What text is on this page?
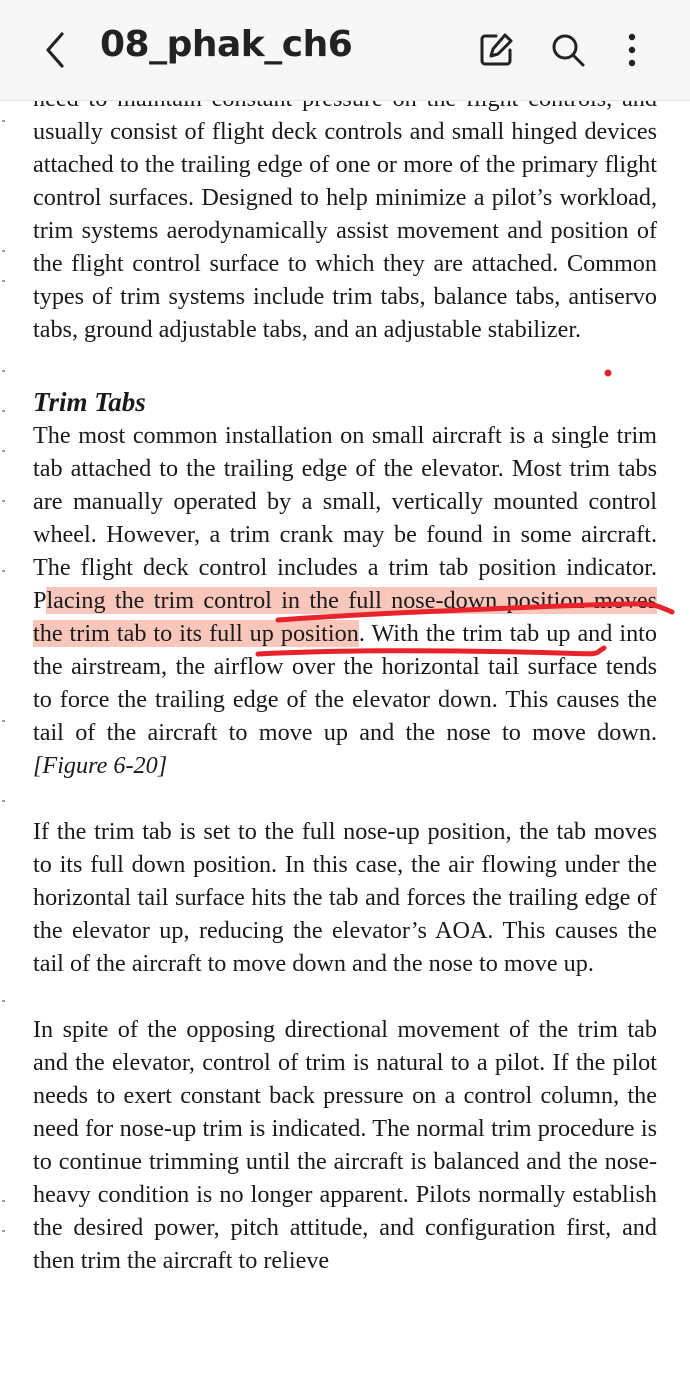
08_phak_ch6

usually consist of flight deck controls and small hinged devices attached to the trailing edge of one or more of the primary flight control surfaces. Designed to help minimize a pilot’s workload, trim systems aerodynamically assist movement and position of the flight control surface to which they are attached. Common types of trim systems include trim tabs, balance tabs, antiservo tabs, ground adjustable tabs, and an adjustable stabilizer.

Trim Tabs

The most common installation on small aircraft is a single trim tab attached to the trailing edge of the elevator. Most trim tabs are manually operated by a small, vertically mounted control wheel. However, a trim crank may be found in some aircraft. The flight deck control includes a trim tab position indicator. Placing the trim control in the full nose-down position moves the trim tab to its full up position. With the trim tab up and into the airstream, the airflow over the horizontal tail surface tends to force the trailing edge of the elevator down. This causes the tail of the aircraft to move up and the nose to move down. [Figure 6-20]

If the trim tab is set to the full nose-up position, the tab moves to its full down position. In this case, the air flowing under the horizontal tail surface hits the tab and forces the trailing edge of the elevator up, reducing the elevator’s AOA. This causes the tail of the aircraft to move down and the nose to move up.

In spite of the opposing directional movement of the trim tab and the elevator, control of trim is natural to a pilot. If the pilot needs to exert constant back pressure on a control column, the need for nose-up trim is indicated. The normal trim procedure is to continue trimming until the aircraft is balanced and the nose-heavy condition is no longer apparent. Pilots normally establish the desired power, pitch attitude, and configuration first, and then trim the aircraft to relieve
